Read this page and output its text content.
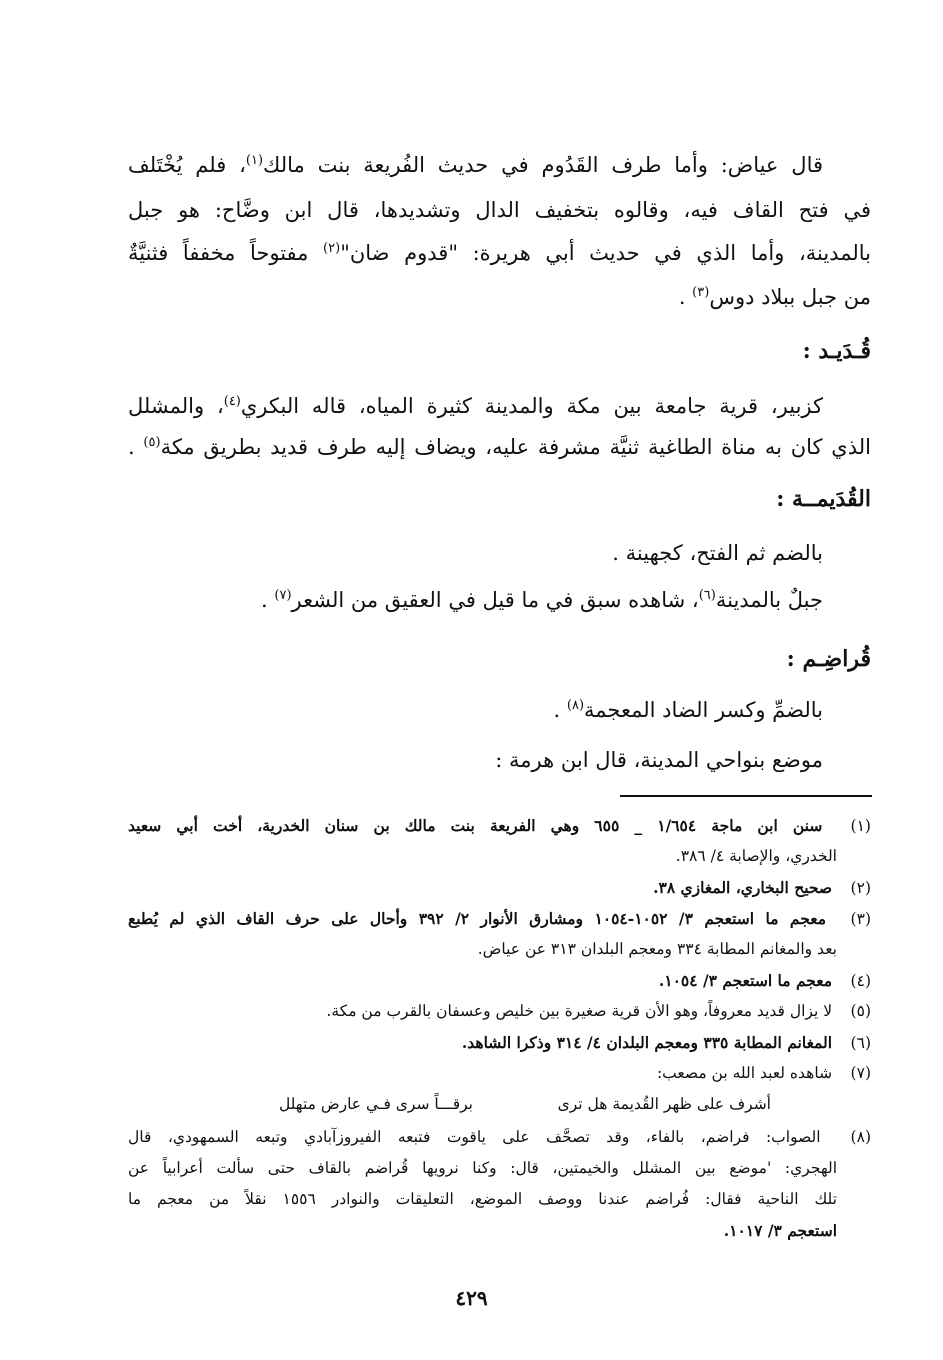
قال عياض: وأما طرف القَدُوم في حديث الفُريعة بنت مالك$^{(١)}$، فلم يُخْتَلف
في فتح القاف فيه، وقالوه بتخفيف الدال وتشديدها، قال ابن وضَّاح: هو جبل
بالمدينة، وأما الذي في حديث أبي هريرة: "قدوم ضان"$^{(٢)}$ مفتوحاً مخففاً فثنيَّةٌ
من جبل ببلاد دوس$^{(٣)}$ .
قُـدَيـد :
كزبير، قرية جامعة بين مكة والمدينة كثيرة المياه، قاله البكري$^{(٤)}$، والمشلل
الذي كان به مناة الطاغية ثنيَّة مشرفة عليه، ويضاف إليه طرف قديد بطريق مكة$^{(٥)}$ .
القُدَيمــة :
بالضم ثم الفتح، كجهينة .
جبلٌ بالمدينة$^{(٦)}$، شاهده سبق في ما قيل في العقيق من الشعر$^{(٧)}$ .
قُراضِـم :
بالضمِّ وكسر الضاد المعجمة$^{(٨)}$ .
موضع بنواحي المدينة، قال ابن هرمة :
(١) سنن ابن ماجة ١/٦٥٤ _ ٦٥٥ وهي الفريعة بنت مالك بن سنان الخدرية، أخت أبي سعيد
الخدري، والإصابة ٤/ ٣٨٦.
(٢) صحيح البخاري، المغازي ٣٨.
(٣) معجم ما استعجم ٣/ ١٠٥٢-١٠٥٤ ومشارق الأنوار ٢/ ٣٩٢ وأحال على حرف القاف الذي لم يُطبع
بعد والمغانم المطابة ٣٣٤ ومعجم البلدان ٣١٣ عن عياض.
(٤) معجم ما استعجم ٣/ ١٠٥٤.
(٥) لا يزال قديد معروفاً، وهو الأن قرية صغيرة بين خليص وعسفان بالقرب من مكة.
(٦) المغانم المطابة ٣٣٥ ومعجم البلدان ٤/ ٣١٤ وذكرا الشاهد.
(٧) شاهده لعبد الله بن مصعب:
أشرف على ظهر القُديمة هل ترى
برقـــاً سرى فـي عارض متهلل
(٨) الصواب: فراضم، بالفاء، وقد تصحَّف على ياقوت فتبعه الفيروزآبادي وتبعه السمهودي، قال
الهجري: 'موضع بين المشلل والخيمتين، قال: وكنا نرويها قُراضم بالقاف حتى سألت أعرابياً عن
تلك الناحية فقال: فُراضم عندنا ووصف الموضع، التعليقات والنوادر ١٥٥٦ نقلاً من معجم ما
استعجم ٣/ ١٠١٧.
٤٢٩
